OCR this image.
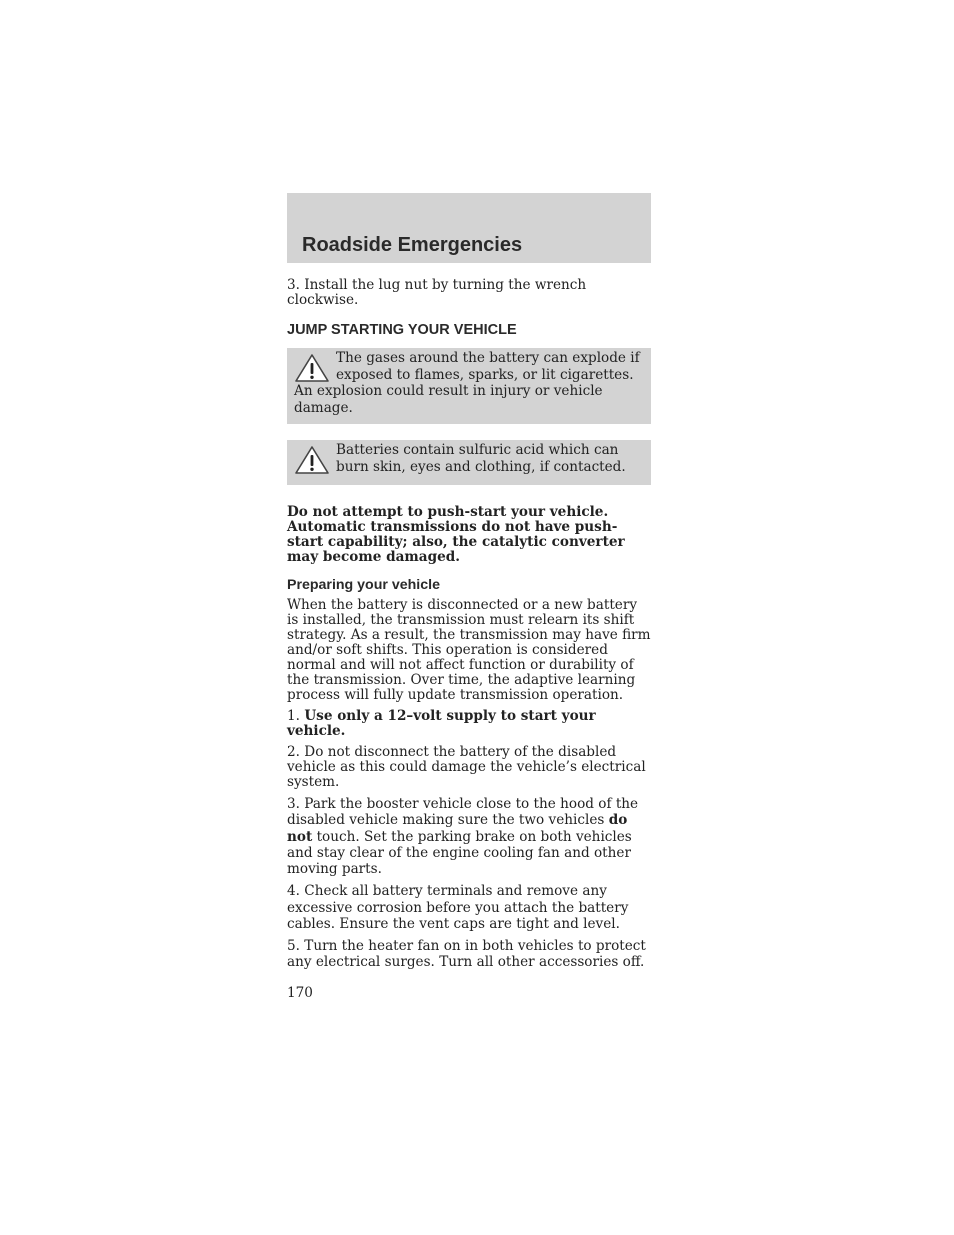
Roadside Emergencies

3. Install the lug nut by turning the wrench clockwise.

JUMP STARTING YOUR VEHICLE
The gases around the battery can explode if exposed to flames, sparks, or lit cigarettes. An explosion could result in injury or vehicle damage.
Batteries contain sulfuric acid which can burn skin, eyes and clothing, if contacted.

Do not attempt to push-start your vehicle. Automatic transmissions do not have push-start capability; also, the catalytic converter may become damaged.

Preparing your vehicle

When the battery is disconnected or a new battery is installed, the transmission must relearn its shift strategy. As a result, the transmission may have firm and/or soft shifts. This operation is considered normal and will not affect function or durability of the transmission. Over time, the adaptive learning process will fully update transmission operation.

1. Use only a 12–volt supply to start your vehicle.

2. Do not disconnect the battery of the disabled vehicle as this could damage the vehicle’s electrical system.

3. Park the booster vehicle close to the hood of the disabled vehicle making sure the two vehicles do not touch. Set the parking brake on both vehicles and stay clear of the engine cooling fan and other moving parts.

4. Check all battery terminals and remove any excessive corrosion before you attach the battery cables. Ensure the vent caps are tight and level.

5. Turn the heater fan on in both vehicles to protect any electrical surges. Turn all other accessories off.

170
